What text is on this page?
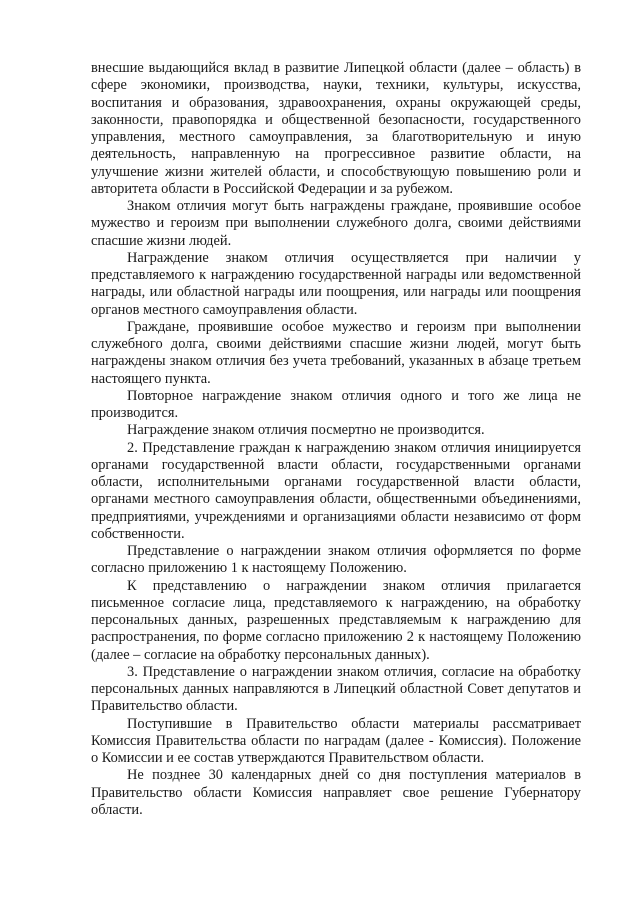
внесшие выдающийся вклад в развитие Липецкой области (далее – область) в сфере экономики, производства, науки, техники, культуры, искусства, воспитания и образования, здравоохранения, охраны окружающей среды, законности, правопорядка и общественной безопасности, государственного управления, местного самоуправления, за благотворительную и иную деятельность, направленную на прогрессивное развитие области, на улучшение жизни жителей области, и способствующую повышению роли и авторитета области в Российской Федерации и за рубежом.

Знаком отличия могут быть награждены граждане, проявившие особое мужество и героизм при выполнении служебного долга, своими действиями спасшие жизни людей.

Награждение знаком отличия осуществляется при наличии у представляемого к награждению государственной награды или ведомственной награды, или областной награды или поощрения, или награды или поощрения органов местного самоуправления области.

Граждане, проявившие особое мужество и героизм при выполнении служебного долга, своими действиями спасшие жизни людей, могут быть награждены знаком отличия без учета требований, указанных в абзаце третьем настоящего пункта.

Повторное награждение знаком отличия одного и того же лица не производится.

Награждение знаком отличия посмертно не производится.

2. Представление граждан к награждению знаком отличия инициируется органами государственной власти области, государственными органами области, исполнительными органами государственной власти области, органами местного самоуправления области, общественными объединениями, предприятиями, учреждениями и организациями области независимо от форм собственности.

Представление о награждении знаком отличия оформляется по форме согласно приложению 1 к настоящему Положению.

К представлению о награждении знаком отличия прилагается письменное согласие лица, представляемого к награждению, на обработку персональных данных, разрешенных представляемым к награждению для распространения, по форме согласно приложению 2 к настоящему Положению (далее – согласие на обработку персональных данных).

3. Представление о награждении знаком отличия, согласие на обработку персональных данных направляются в Липецкий областной Совет депутатов и Правительство области.

Поступившие в Правительство области материалы рассматривает Комиссия Правительства области по наградам (далее - Комиссия). Положение о Комиссии и ее состав утверждаются Правительством области.

Не позднее 30 календарных дней со дня поступления материалов в Правительство области Комиссия направляет свое решение Губернатору области.
